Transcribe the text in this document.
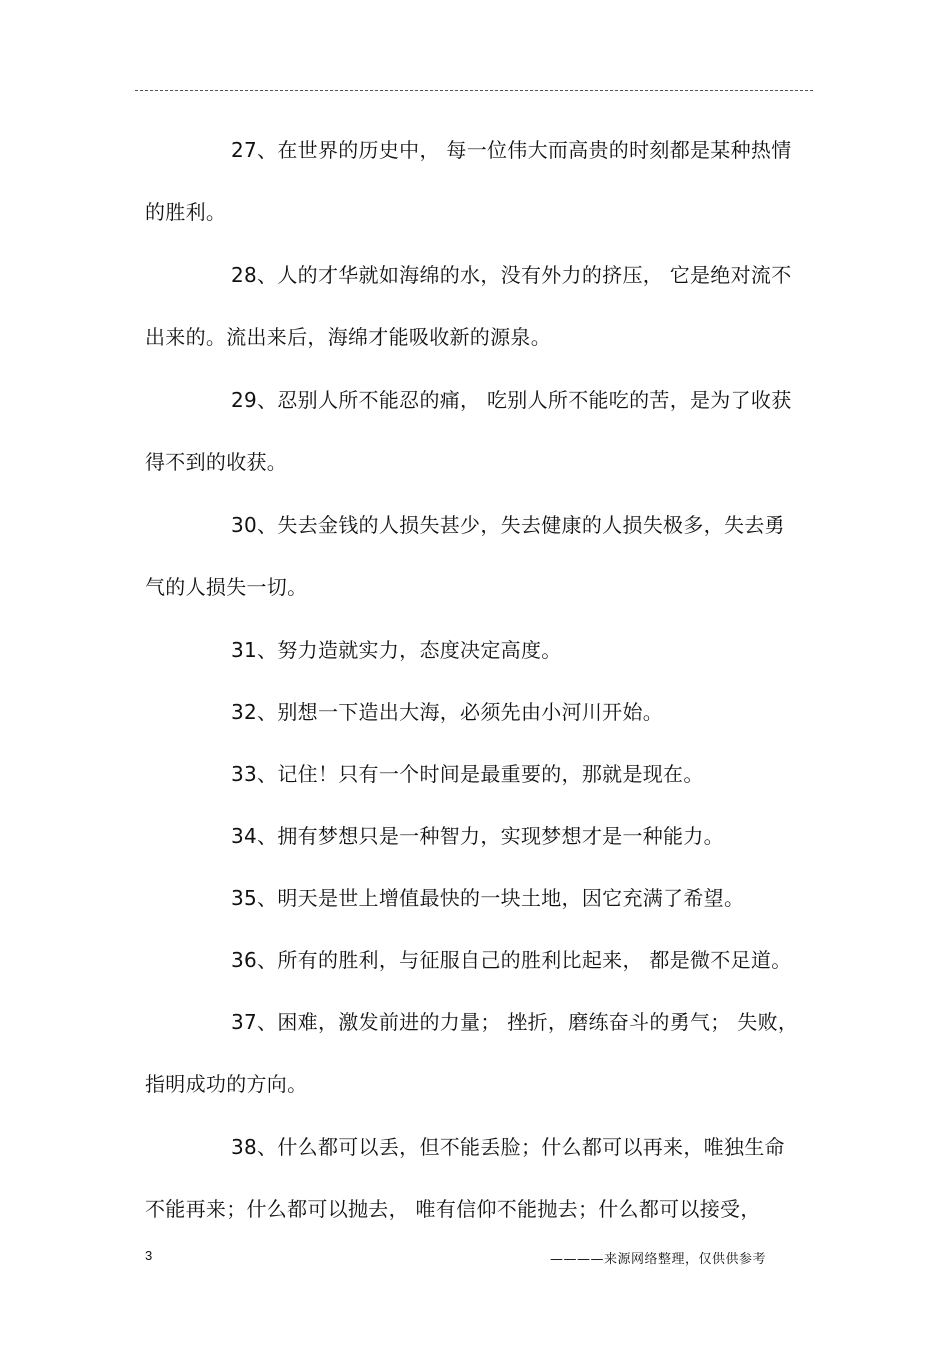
27、在世界的历史中， 每一位伟大而高贵的时刻都是某种热情的胜利。

28、人的才华就如海绵的水，没有外力的挤压， 它是绝对流不出来的。流出来后，海绵才能吸收新的源泉。

29、忍别人所不能忍的痛， 吃别人所不能吃的苦，是为了收获得不到的收获。

30、失去金钱的人损失甚少，失去健康的人损失极多，失去勇气的人损失一切。

31、努力造就实力，态度决定高度。

32、别想一下造出大海，必须先由小河川开始。

33、记住！只有一个时间是最重要的，那就是现在。

34、拥有梦想只是一种智力，实现梦想才是一种能力。

35、明天是世上增值最快的一块土地，因它充满了希望。

36、所有的胜利，与征服自己的胜利比起来， 都是微不足道。

37、困难，激发前进的力量； 挫折，磨练奋斗的勇气； 失败，指明成功的方向。

38、什么都可以丢，但不能丢脸；什么都可以再来，唯独生命不能再来；什么都可以抛去， 唯有信仰不能抛去；什么都可以接受，

3	————来源网络整理，仅供供参考
